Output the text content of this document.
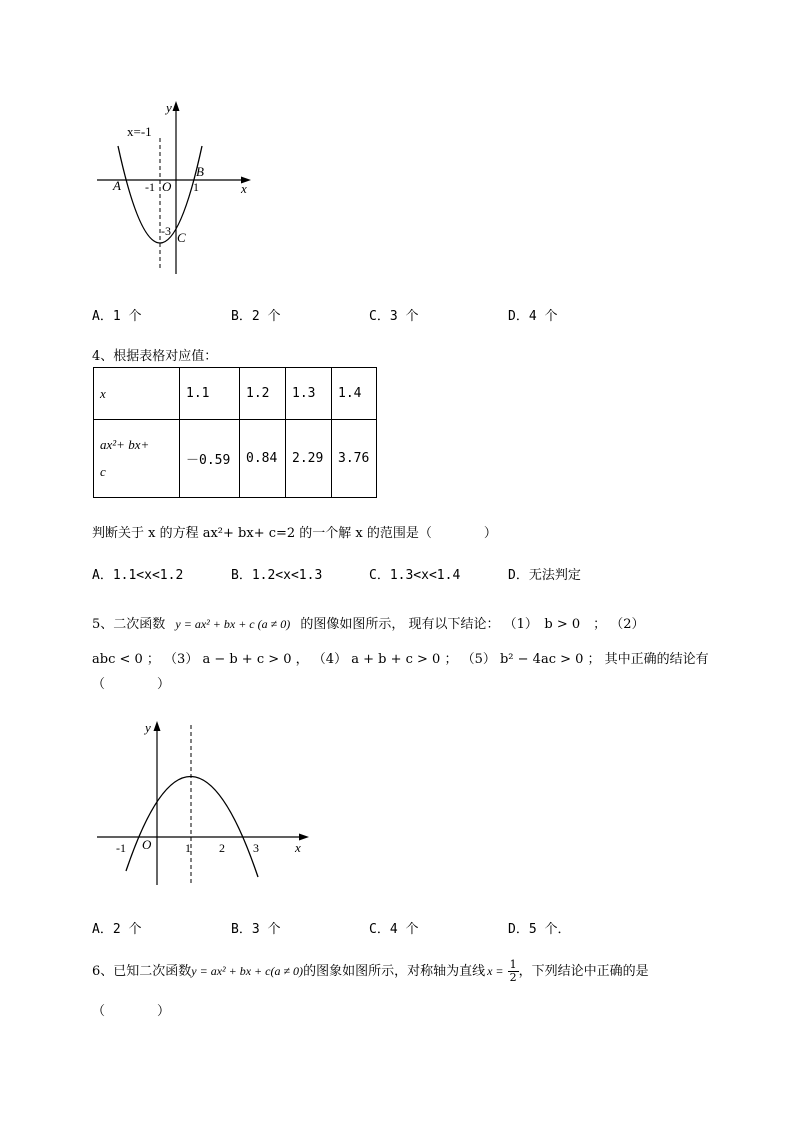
y
x
x=-1
A
B
C
O
-1	1
-3
A．1 个	B．2 个	C．3 个	D．4 个
4、根据表格对应值：
x	1.1	1.2	1.3	1.4
ax²+ bx+
c	－0.59	0.84	2.29	3.76
判断关于 x 的方程 ax²+ bx+ c=2 的一个解 x 的范围是（　　　　）
A．1.1<x<1.2	B．1.2<x<1.3	C．1.3<x<1.4	D．无法判定
5、二次函数 y = ax² + bx + c (a ≠ 0) 的图像如图所示， 现有以下结论： （1）　b > 0　； （2）
abc < 0 ； （3） a − b + c > 0 ， （4） a + b + c > 0 ； （5） b² − 4ac > 0 ； 其中正确的结论有
（　　　　）
y
x
O
-1	1 2 3
A．2 个	B．3 个	C．4 个	D．5 个．
6、已知二次函数y = ax² + bx + c(a ≠ 0)的图象如图所示，对称轴为直线 $x = \frac{1}{2}$ ，下列结论中正确的是
（　　　　）
